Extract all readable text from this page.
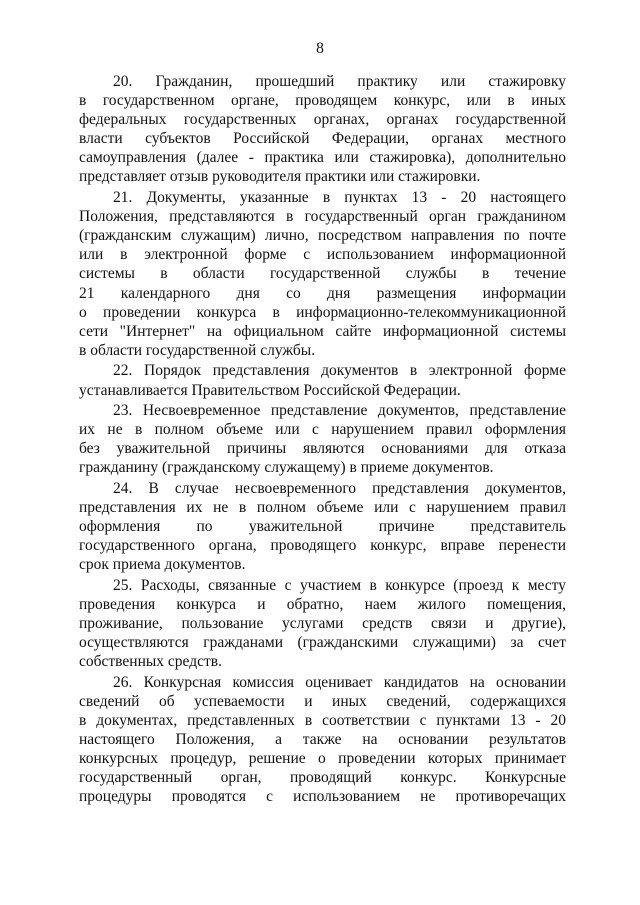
8
20. Гражданин, прошедший практику или стажировку
в государственном органе, проводящем конкурс, или в иных
федеральных государственных органах, органах государственной
власти субъектов Российской Федерации, органах местного
самоуправления (далее - практика или стажировка), дополнительно
представляет отзыв руководителя практики или стажировки.
21. Документы, указанные в пунктах 13 - 20 настоящего
Положения, представляются в государственный орган гражданином
(гражданским служащим) лично, посредством направления по почте
или в электронной форме с использованием информационной
системы в области государственной службы в течение
21 календарного дня со дня размещения информации
о проведении конкурса в информационно-телекоммуникационной
сети "Интернет" на официальном сайте информационной системы
в области государственной службы.
22. Порядок представления документов в электронной форме
устанавливается Правительством Российской Федерации.
23. Несвоевременное представление документов, представление
их не в полном объеме или с нарушением правил оформления
без уважительной причины являются основаниями для отказа
гражданину (гражданскому служащему) в приеме документов.
24. В случае несвоевременного представления документов,
представления их не в полном объеме или с нарушением правил
оформления по уважительной причине представитель
государственного органа, проводящего конкурс, вправе перенести
срок приема документов.
25. Расходы, связанные с участием в конкурсе (проезд к месту
проведения конкурса и обратно, наем жилого помещения,
проживание, пользование услугами средств связи и другие),
осуществляются гражданами (гражданскими служащими) за счет
собственных средств.
26. Конкурсная комиссия оценивает кандидатов на основании
сведений об успеваемости и иных сведений, содержащихся
в документах, представленных в соответствии с пунктами 13 - 20
настоящего Положения, а также на основании результатов
конкурсных процедур, решение о проведении которых принимает
государственный орган, проводящий конкурс. Конкурсные
процедуры проводятся с использованием не противоречащих
